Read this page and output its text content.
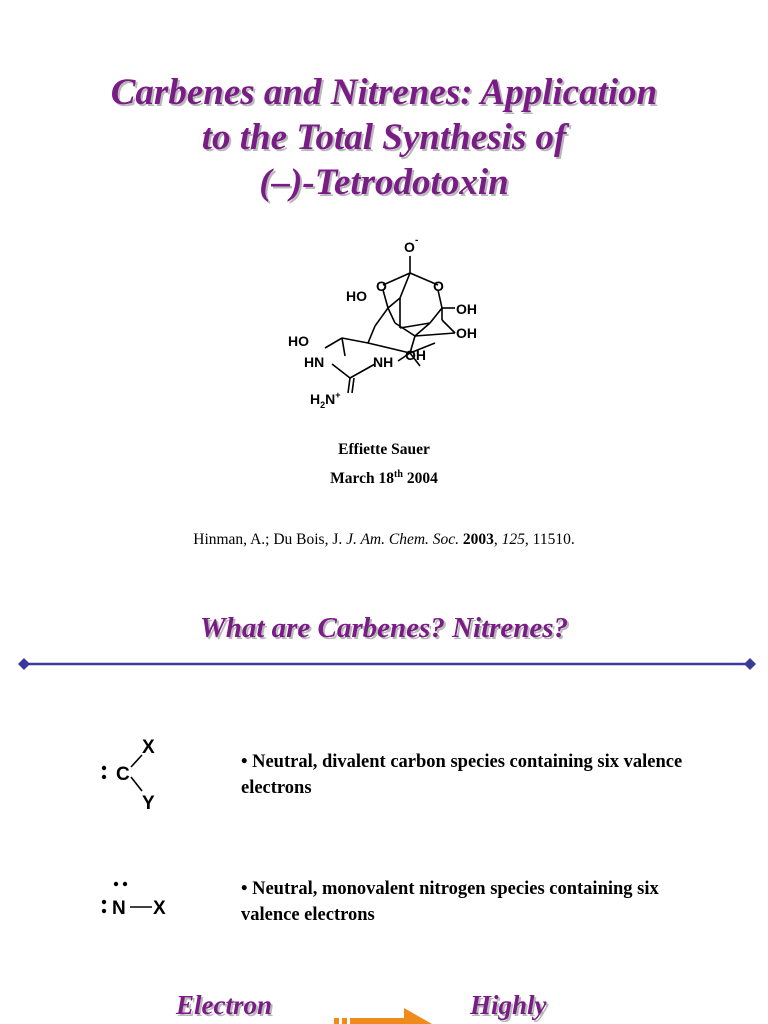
Carbenes and Nitrenes: Application
to the Total Synthesis of
(–)-Tetrodotoxin
O -
O	O
HO
OH
OH
HO
OH
HN	NH
$H_2N^+$
Effiette Sauer
March 18th 2004
Hinman, A.; Du Bois, J. J. Am. Chem. Soc. 2003, 125, 11510.
What are Carbenes? Nitrenes?
X
C
Y
• Neutral, divalent carbon species containing six valence electrons
N X
• Neutral, monovalent nitrogen species containing six valence electrons
Electron	Highly
